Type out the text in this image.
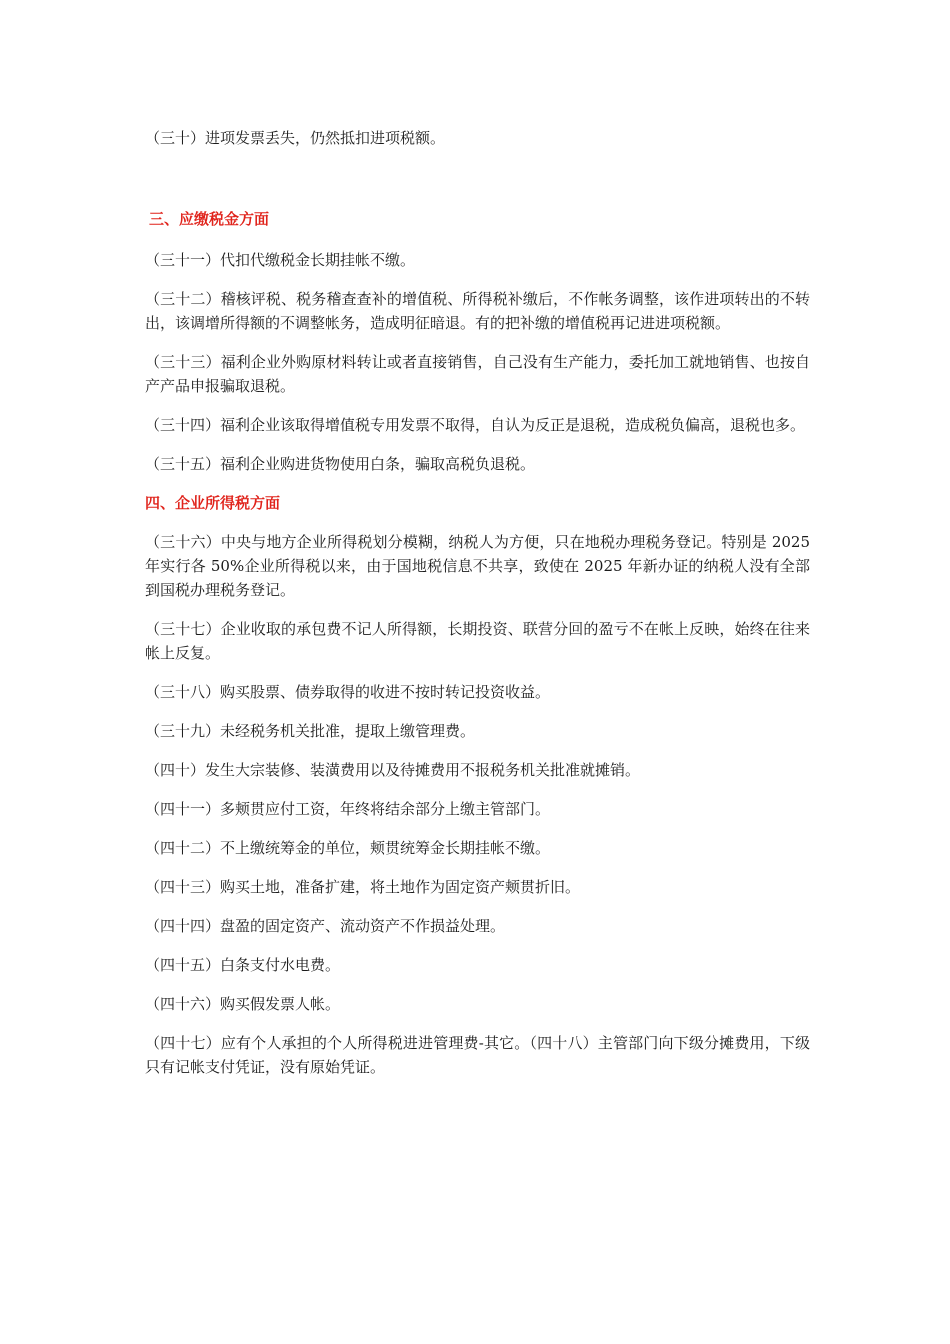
（三十）进项发票丢失，仍然抵扣进项税额。

三、应缴税金方面

（三十一）代扣代缴税金长期挂帐不缴。

（三十二）稽核评税、税务稽查查补的增值税、所得税补缴后，不作帐务调整，该作进项转出的不转出，该调增所得额的不调整帐务，造成明征暗退。有的把补缴的增值税再记进进项税额。

（三十三）福利企业外购原材料转让或者直接销售，自己没有生产能力，委托加工就地销售、也按自产产品申报骗取退税。

（三十四）福利企业该取得增值税专用发票不取得，自认为反正是退税，造成税负偏高，退税也多。

（三十五）福利企业购进货物使用白条，骗取高税负退税。

四、企业所得税方面

（三十六）中央与地方企业所得税划分模糊，纳税人为方便，只在地税办理税务登记。特别是 2025 年实行各 50%企业所得税以来，由于国地税信息不共享，致使在 2025 年新办证的纳税人没有全部到国税办理税务登记。

（三十七）企业收取的承包费不记人所得额，长期投资、联营分回的盈亏不在帐上反映，始终在往来帐上反复。

（三十八）购买股票、债券取得的收进不按时转记投资收益。

（三十九）未经税务机关批准，提取上缴管理费。

（四十）发生大宗装修、装潢费用以及待摊费用不报税务机关批准就摊销。

（四十一）多颊贯应付工资，年终将结余部分上缴主管部门。

（四十二）不上缴统筹金的单位，颊贯统筹金长期挂帐不缴。

（四十三）购买土地，准备扩建，将土地作为固定资产颊贯折旧。

（四十四）盘盈的固定资产、流动资产不作损益处理。

（四十五）白条支付水电费。

（四十六）购买假发票人帐。

（四十七）应有个人承担的个人所得税进进管理费-其它。（四十八）主管部门向下级分摊费用，下级只有记帐支付凭证，没有原始凭证。
